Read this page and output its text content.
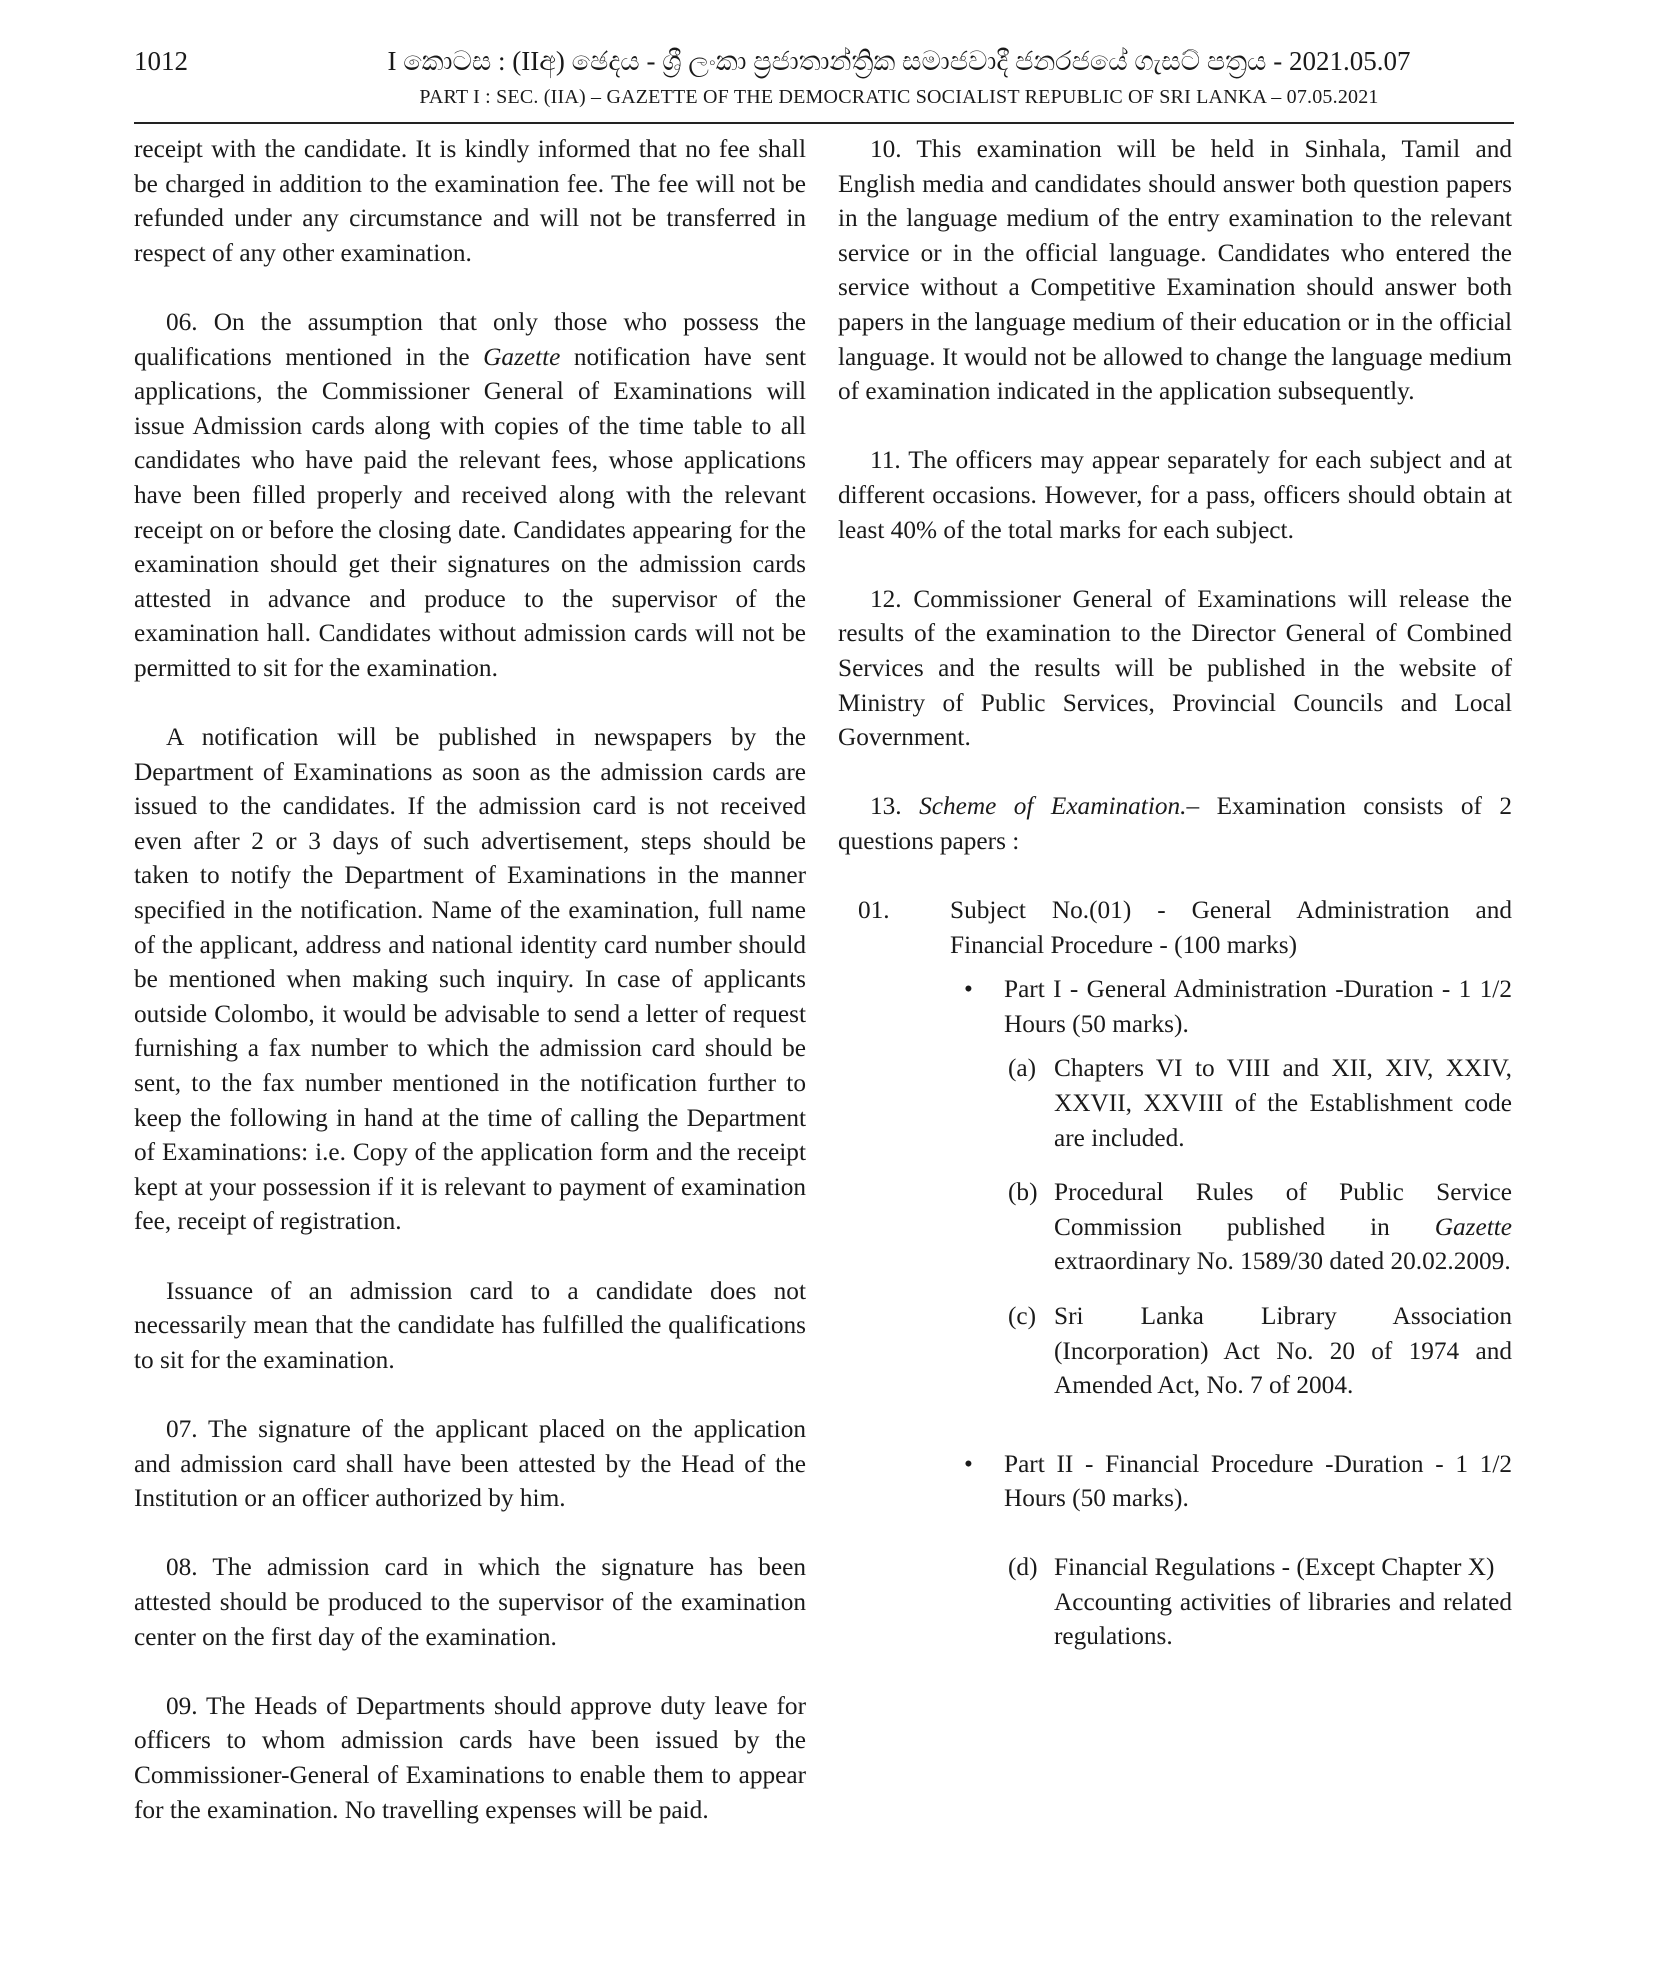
1012	I කොටස : (IIඅ) ඡෙදය - ශ්‍රී ලංකා ප්‍රජාතාන්ත්‍රික සමාජවාදී ජනරජයේ ගැසට් පත්‍රය - 2021.05.07
PART I : SEC. (IIA) – GAZETTE OF THE DEMOCRATIC SOCIALIST REPUBLIC OF SRI LANKA – 07.05.2021

receipt with the candidate. It is kindly informed that no fee shall be charged in addition to the examination fee. The fee will not be refunded under any circumstance and will not be transferred in respect of any other examination.

06. On the assumption that only those who possess the qualifications mentioned in the Gazette notification have sent applications, the Commissioner General of Examinations will issue Admission cards along with copies of the time table to all candidates who have paid the relevant fees, whose applications have been filled properly and received along with the relevant receipt on or before the closing date. Candidates appearing for the examination should get their signatures on the admission cards attested in advance and produce to the supervisor of the examination hall. Candidates without admission cards will not be permitted to sit for the examination.

A notification will be published in newspapers by the Department of Examinations as soon as the admission cards are issued to the candidates. If the admission card is not received even after 2 or 3 days of such advertisement, steps should be taken to notify the Department of Examinations in the manner specified in the notification. Name of the examination, full name of the applicant, address and national identity card number should be mentioned when making such inquiry. In case of applicants outside Colombo, it would be advisable to send a letter of request furnishing a fax number to which the admission card should be sent, to the fax number mentioned in the notification further to keep the following in hand at the time of calling the Department of Examinations: i.e. Copy of the application form and the receipt kept at your possession if it is relevant to payment of examination fee, receipt of registration.

Issuance of an admission card to a candidate does not necessarily mean that the candidate has fulfilled the qualifications to sit for the examination.

07. The signature of the applicant placed on the application and admission card shall have been attested by the Head of the Institution or an officer authorized by him.

08. The admission card in which the signature has been attested should be produced to the supervisor of the examination center on the first day of the examination.

09. The Heads of Departments should approve duty leave for officers to whom admission cards have been issued by the Commissioner-General of Examinations to enable them to appear for the examination. No travelling expenses will be paid.

10. This examination will be held in Sinhala, Tamil and English media and candidates should answer both question papers in the language medium of the entry examination to the relevant service or in the official language. Candidates who entered the service without a Competitive Examination should answer both papers in the language medium of their education or in the official language. It would not be allowed to change the language medium of examination indicated in the application subsequently.

11. The officers may appear separately for each subject and at different occasions. However, for a pass, officers should obtain at least 40% of the total marks for each subject.

12. Commissioner General of Examinations will release the results of the examination to the Director General of Combined Services and the results will be published in the website of Ministry of Public Services, Provincial Councils and Local Government.

13. Scheme of Examination.– Examination consists of 2 questions papers :

01. Subject No.(01) - General Administration and Financial Procedure - (100 marks)
• Part I - General Administration -Duration - 1 1/2 Hours (50 marks).
(a) Chapters VI to VIII and XII, XIV, XXIV, XXVII, XXVIII of the Establishment code are included.
(b) Procedural Rules of Public Service Commission published in Gazette extraordinary No. 1589/30 dated 20.02.2009.
(c) Sri Lanka Library Association (Incorporation) Act No. 20 of 1974 and Amended Act, No. 7 of 2004.
• Part II - Financial Procedure -Duration - 1 1/2 Hours (50 marks).
(d) Financial Regulations - (Except Chapter X)
Accounting activities of libraries and related regulations.
